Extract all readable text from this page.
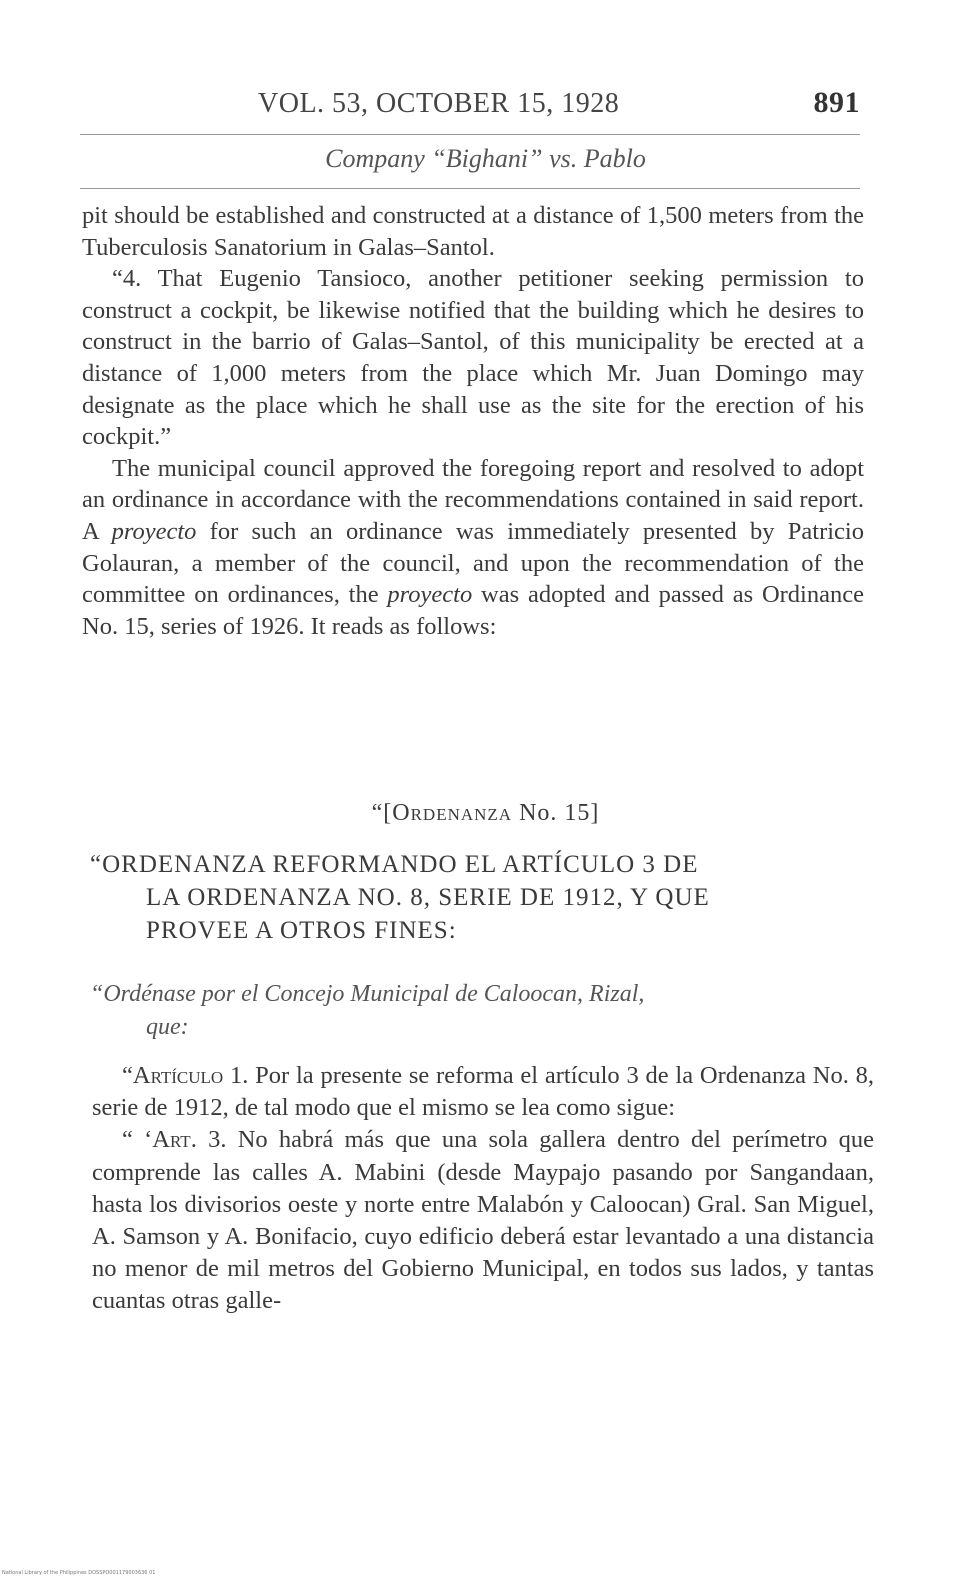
VOL. 53, OCTOBER 15, 1928	891
Company “Bighani” vs. Pablo

pit should be established and constructed at a distance of 1,500 meters from the Tuberculosis Sanatorium in Galas–Santol.

“4. That Eugenio Tansioco, another petitioner seeking permission to construct a cockpit, be likewise notified that the building which he desires to construct in the barrio of Galas–Santol, of this municipality be erected at a distance of 1,000 meters from the place which Mr. Juan Domingo may designate as the place which he shall use as the site for the erection of his cockpit.”

The municipal council approved the foregoing report and resolved to adopt an ordinance in accordance with the recommendations contained in said report. A proyecto for such an ordinance was immediately presented by Patricio Golauran, a member of the council, and upon the recommendation of the committee on ordinances, the proyecto was adopted and passed as Ordinance No. 15, series of 1926. It reads as follows:

“[Ordenanza No. 15]
“ORDENANZA REFORMANDO EL ARTÍCULO 3 DE
LA ORDENANZA NO. 8, SERIE DE 1912, Y QUE
PROVEE A OTROS FINES:
“Ordénase por el Concejo Municipal de Caloocan, Rizal,
que:

“Artículo 1. Por la presente se reforma el artículo 3 de la Ordenanza No. 8, serie de 1912, de tal modo que el mismo se lea como sigue:

“ ‘Art. 3. No habrá más que una sola gallera dentro del perímetro que comprende las calles A. Mabini (desde Maypajo pasando por Sangandaan, hasta los divisorios oeste y norte entre Malabón y Caloocan) Gral. San Miguel, A. Samson y A. Bonifacio, cuyo edificio deberá estar levantado a una distancia no menor de mil metros del Gobierno Municipal, en todos sus lados, y tantas cuantas otras galle-

National Library of the Philippines DOSSPO001179003636 01
